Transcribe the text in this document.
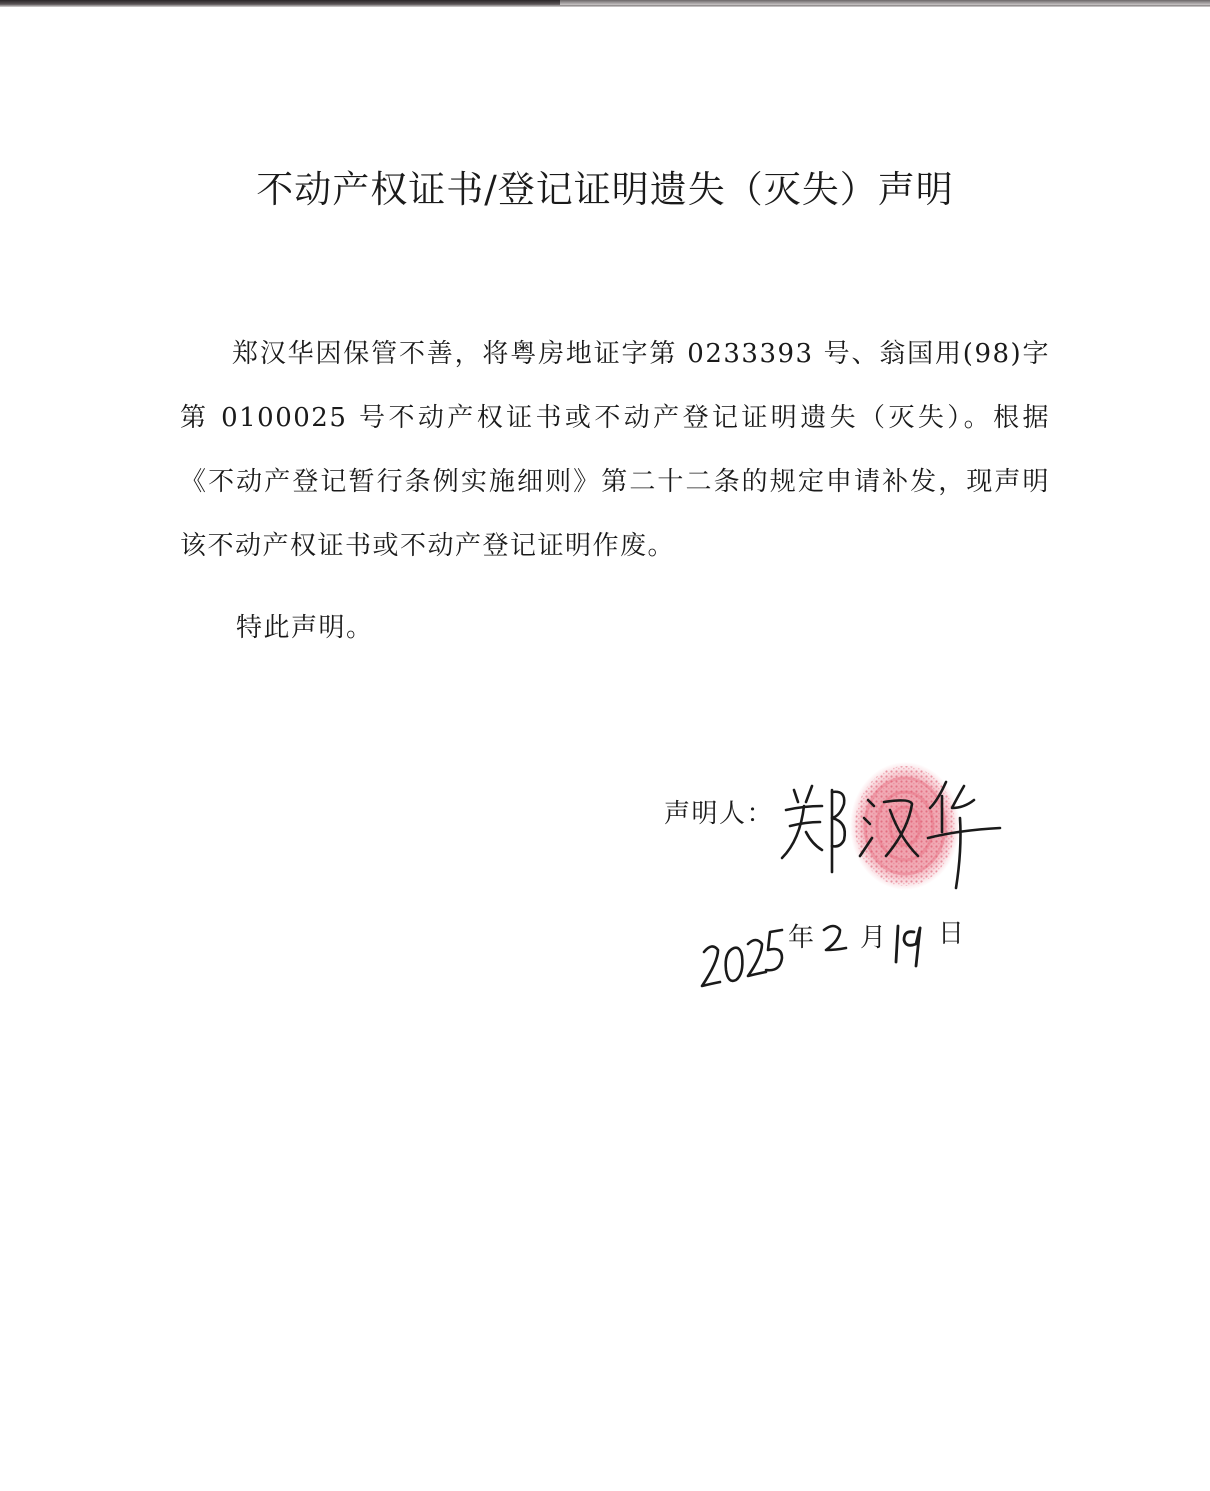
不动产权证书/登记证明遗失（灭失）声明

郑汉华因保管不善，将粤房地证字第 0233393 号、翁国用(98)字第 0100025 号不动产权证书或不动产登记证明遗失（灭失）。根据《不动产登记暂行条例实施细则》第二十二条的规定申请补发，现声明该不动产权证书或不动产登记证明作废。

特此声明。
声明人：
年 月 日
